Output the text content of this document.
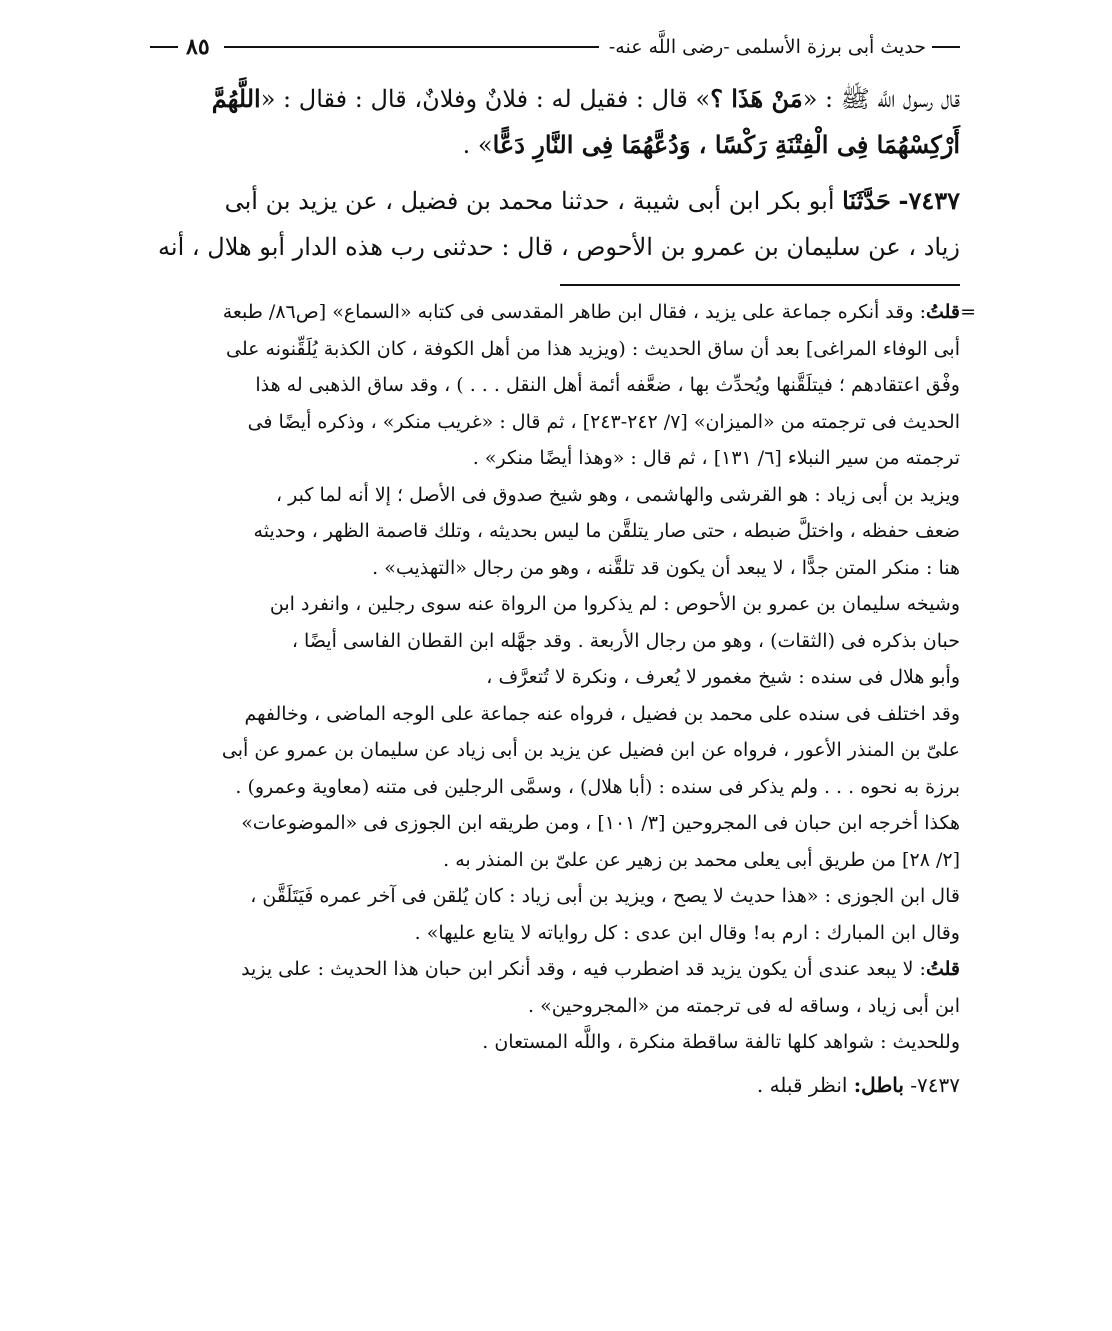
حديث أبى برزة الأسلمى -رضى اللَّه عنه-
٨٥
قال رسول اللَّه ﷺ : «مَنْ هَذَا ؟» قال : فقيل له : فلانٌ وفلانٌ، قال : فقال : «اللَّهُمَّ
أَرْكِسْهُمَا فِى الْفِتْنَةِ رَكْسًا ، وَدُعَّهُمَا فِى النَّارِ دَعًّا» .
٧٤٣٧- حَدَّثَنَا أبو بكر ابن أبى شيبة ، حدثنا محمد بن فضيل ، عن يزيد بن أبى
زياد ، عن سليمان بن عمرو بن الأحوص ، قال : حدثنى رب هذه الدار أبو هلال ، أنه

=
قلتُ: وقد أنكره جماعة على يزيد ، فقال ابن طاهر المقدسى فى كتابه «السماع» [ص٨٦/ طبعة
أبى الوفاء المراغى] بعد أن ساق الحديث : (ويزيد هذا من أهل الكوفة ، كان الكذبة يُلَقِّنونه على
وفْق اعتقادهم ؛ فيتلَقَّنها ويُحدِّث بها ، ضعَّفه أئمة أهل النقل . . . ) ، وقد ساق الذهبى له هذا
الحديث فى ترجمته من «الميزان» [٧/ ٢٤٢-٢٤٣] ، ثم قال : «غريب منكر» ، وذكره أيضًا فى
ترجمته من سير النبلاء [٦/ ١٣١] ، ثم قال : «وهذا أيضًا منكر» .

ويزيد بن أبى زياد : هو القرشى والهاشمى ، وهو شيخ صدوق فى الأصل ؛ إلا أنه لما كبر ،
ضعف حفظه ، واختلَّ ضبطه ، حتى صار يتلقَّن ما ليس بحديثه ، وتلك قاصمة الظهر ، وحديثه
هنا : منكر المتن جدًّا ، لا يبعد أن يكون قد تلقَّنه ، وهو من رجال «التهذيب» .

وشيخه سليمان بن عمرو بن الأحوص : لم يذكروا من الرواة عنه سوى رجلين ، وانفرد ابن
حبان بذكره فى (الثقات) ، وهو من رجال الأربعة . وقد جهَّله ابن القطان الفاسى أيضًا ،

وأبو هلال فى سنده : شيخ مغمور لا يُعرف ، ونكرة لا تُتعرَّف ،

وقد اختلف فى سنده على محمد بن فضيل ، فرواه عنه جماعة على الوجه الماضى ، وخالفهم
علىّ بن المنذر الأعور ، فرواه عن ابن فضيل عن يزيد بن أبى زياد عن سليمان بن عمرو عن أبى
برزة به نحوه . . . ولم يذكر فى سنده : (أبا هلال) ، وسمَّى الرجلين فى متنه (معاوية وعمرو) .

هكذا أخرجه ابن حبان فى المجروحين [٣/ ١٠١] ، ومن طريقه ابن الجوزى فى «الموضوعات»
[٢/ ٢٨] من طريق أبى يعلى محمد بن زهير عن علىّ بن المنذر به .

قال ابن الجوزى : «هذا حديث لا يصح ، ويزيد بن أبى زياد : كان يُلقن فى آخر عمره فَيَتَلَقَّن ،
وقال ابن المبارك : ارم به! وقال ابن عدى : كل رواياته لا يتابع عليها» .

قلتُ: لا يبعد عندى أن يكون يزيد قد اضطرب فيه ، وقد أنكر ابن حبان هذا الحديث : على يزيد
ابن أبى زياد ، وساقه له فى ترجمته من «المجروحين» .

وللحديث : شواهد كلها تالفة ساقطة منكرة ، واللَّه المستعان .

٧٤٣٧- باطل: انظر قبله .
